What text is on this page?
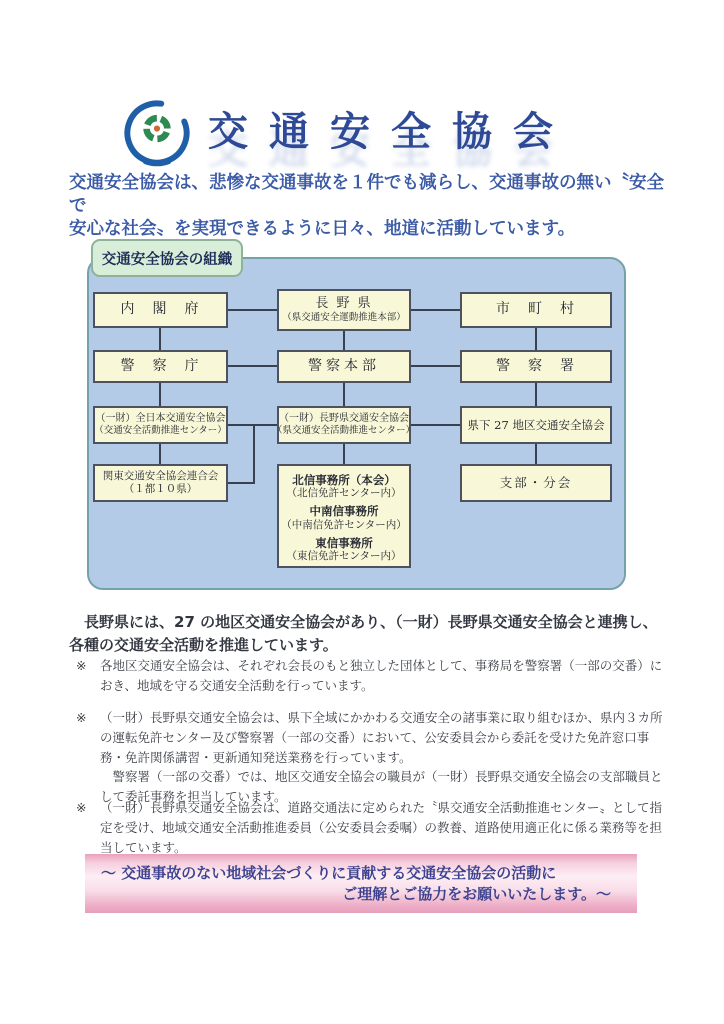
交通安全協会
交通安全協会は、悲惨な交通事故を１件でも減らし、交通事故の無い〝安全で
安心な社会〟を実現できるように日々、地道に活動しています。
交通安全協会の組織
内　閣　府	長 野 県
（県交通安全運動推進本部）
市　町　村
警　察　庁	警察本部	警　察　署
（一財）全日本交通安全協会
（交通安全活動推進センター）
（一財）長野県交通安全協会
（県交通安全活動推進センター）	県下 27 地区交通安全協会
関東交通安全協会連合会
（１都１０県）
北信事務所（本会）
（北信免許センター内）
中南信事務所
（中南信免許センター内）
東信事務所
（東信免許センター内）
支部・分会
　長野県には、27 の地区交通安全協会があり、（一財）長野県交通安全協会と連携し、各種の交通安全活動を推進しています。
※	各地区交通安全協会は、それぞれ会長のもと独立した団体として、事務局を警察署（一部の交番）におき、地域を守る交通安全活動を行っています。
※	（一財）長野県交通安全協会は、県下全域にかかわる交通安全の諸事業に取り組むほか、県内３カ所の運転免許センター及び警察署（一部の交番）において、公安委員会から委託を受けた免許窓口事務・免許関係講習・更新通知発送業務を行っています。
　警察署（一部の交番）では、地区交通安全協会の職員が（一財）長野県交通安全協会の支部職員として委託事務を担当しています。
※	（一財）長野県交通安全協会は、道路交通法に定められた〝県交通安全活動推進センター〟として指定を受け、地域交通安全活動推進委員（公安委員会委嘱）の教養、道路使用適正化に係る業務等を担当しています。
～ 交通事故のない地域社会づくりに貢献する交通安全協会の活動に
ご理解とご協力をお願いいたします。～
